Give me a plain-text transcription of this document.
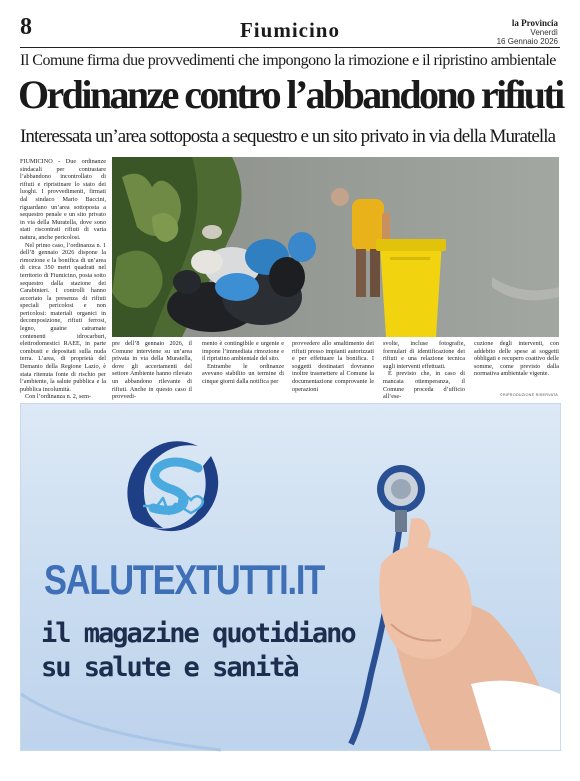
8	Fiumicino	la Provincia
Venerdì
16 Gennaio 2026
Il Comune firma due provvedimenti che impongono la rimozione e il ripristino ambientale
Ordinanze contro l’abbandono rifiuti
Interessata un’area sottoposta a sequestro e un sito privato in via della Muratella

FIUMICINO - Due ordinanze sindacali per contrastare l’abbandono incontrollato di rifiuti e ripristinare lo stato dei luoghi. I provvedimenti, firmati dal sindaco Mario Baccini, riguardano un’area sottoposta a sequestro penale e un sito privato in via della Muratella, dove sono stati riscontrati rifiuti di varia natura, anche pericolosi.

Nel primo caso, l’ordinanza n. 1 dell’8 gennaio 2026 dispone la rimozione e la bonifica di un’area di circa 350 metri quadrati nel territorio di Fiumicino, posta sotto sequestro dalla stazione dei Carabinieri. I controlli hanno accertato la presenza di rifiuti speciali pericolosi e non pericolosi: materiali organici in decomposizione, rifiuti ferrosi, legno, guaine catramate contenenti idrocarburi, elettrodomestici RAEE, in parte combusti e depositati sulla nuda terra. L’area, di proprietà del Demanio della Regione Lazio, è stata ritenuta fonte di rischio per l’ambiente, la salute pubblica e la pubblica incolumità.

Con l’ordinanza n. 2, sem-

pre dell’8 gennaio 2026, il Comune interviene su un’area privata in via della Muratella, dove gli accertamenti del settore Ambiente hanno rilevato un abbandono rilevante di rifiuti. Anche in questo caso il provvedi-

mento è contingibile e urgente e impone l’immediata rimozione e il ripristino ambientale del sito.

Entrambe le ordinanze avevano stabilito un termine di cinque giorni dalla notifica per

provvedere allo smaltimento dei rifiuti presso impianti autorizzati e per effettuare la bonifica. I soggetti destinatari dovranno inoltre trasmettere al Comune la documentazione comprovante le operazioni

svolte, incluse fotografie, formulari di identificazione dei rifiuti e una relazione tecnica sugli interventi effettuati.

È previsto che, in caso di mancata ottemperanza, il Comune proceda d’ufficio all’ese-

cuzione degli interventi, con addebito delle spese ai soggetti obbligati e recupero coattivo delle somme, come previsto dalla normativa ambientale vigente.

©RIPRODUZIONE RISERVATA
SALUTEXTUTTI.IT
il magazine quotidiano
su salute e sanità
